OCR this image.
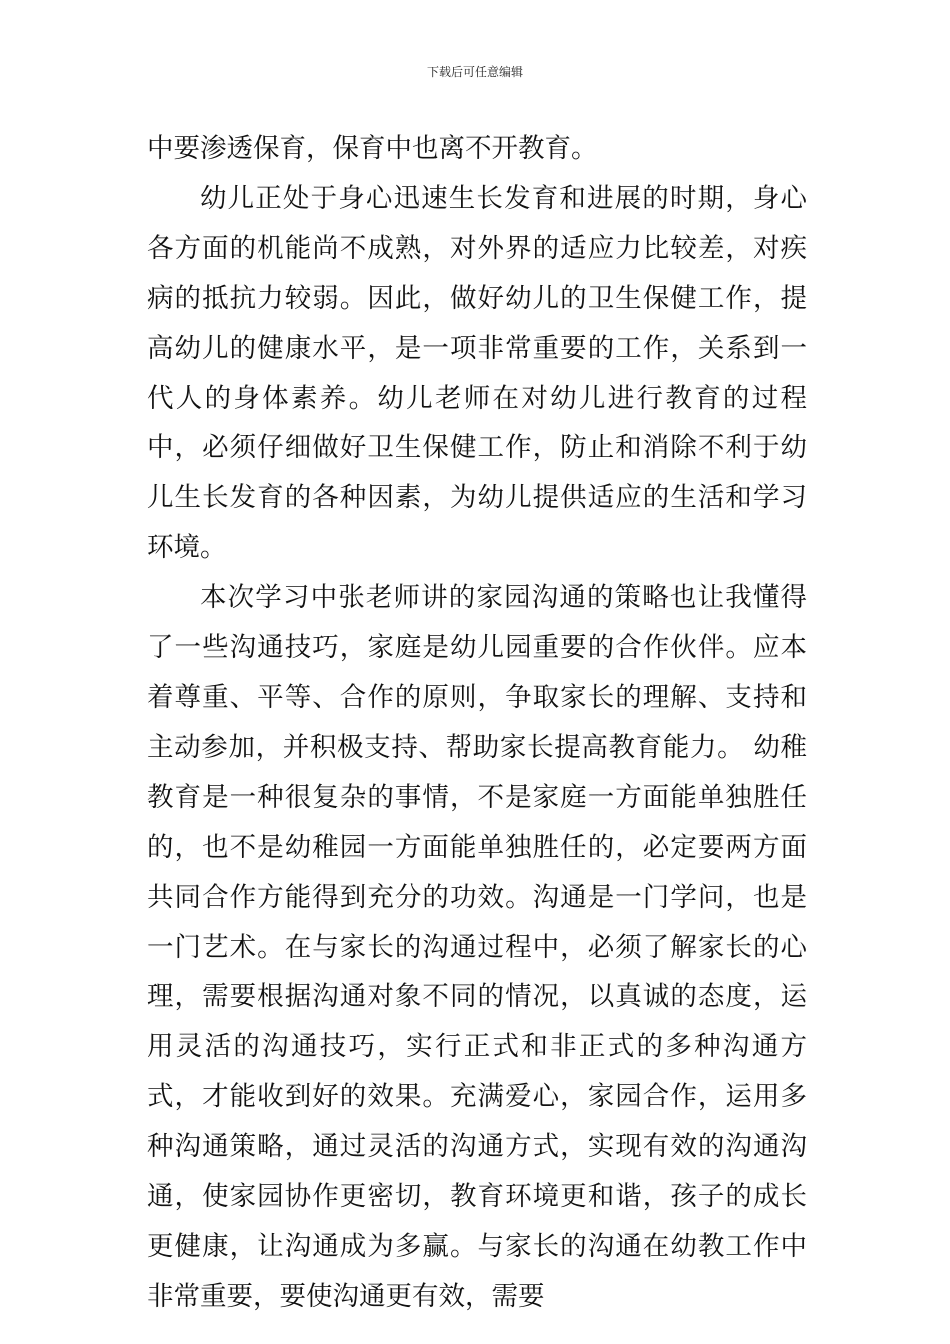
下载后可任意编辑

中要渗透保育，保育中也离不开教育。

幼儿正处于身心迅速生长发育和进展的时期，身心各方面的机能尚不成熟，对外界的适应力比较差，对疾病的抵抗力较弱。因此，做好幼儿的卫生保健工作，提高幼儿的健康水平，是一项非常重要的工作，关系到一代人的身体素养。幼儿老师在对幼儿进行教育的过程中，必须仔细做好卫生保健工作，防止和消除不利于幼儿生长发育的各种因素，为幼儿提供适应的生活和学习环境。

本次学习中张老师讲的家园沟通的策略也让我懂得了一些沟通技巧，家庭是幼儿园重要的合作伙伴。应本着尊重、平等、合作的原则，争取家长的理解、支持和主动参加，并积极支持、帮助家长提高教育能力。 幼稚教育是一种很复杂的事情，不是家庭一方面能单独胜任的，也不是幼稚园一方面能单独胜任的，必定要两方面共同合作方能得到充分的功效。沟通是一门学问，也是一门艺术。在与家长的沟通过程中，必须了解家长的心理，需要根据沟通对象不同的情况，以真诚的态度，运用灵活的沟通技巧，实行正式和非正式的多种沟通方式，才能收到好的效果。充满爱心，家园合作，运用多种沟通策略，通过灵活的沟通方式，实现有效的沟通沟通，使家园协作更密切，教育环境更和谐，孩子的成长更健康，让沟通成为多赢。与家长的沟通在幼教工作中非常重要，要使沟通更有效，需要
